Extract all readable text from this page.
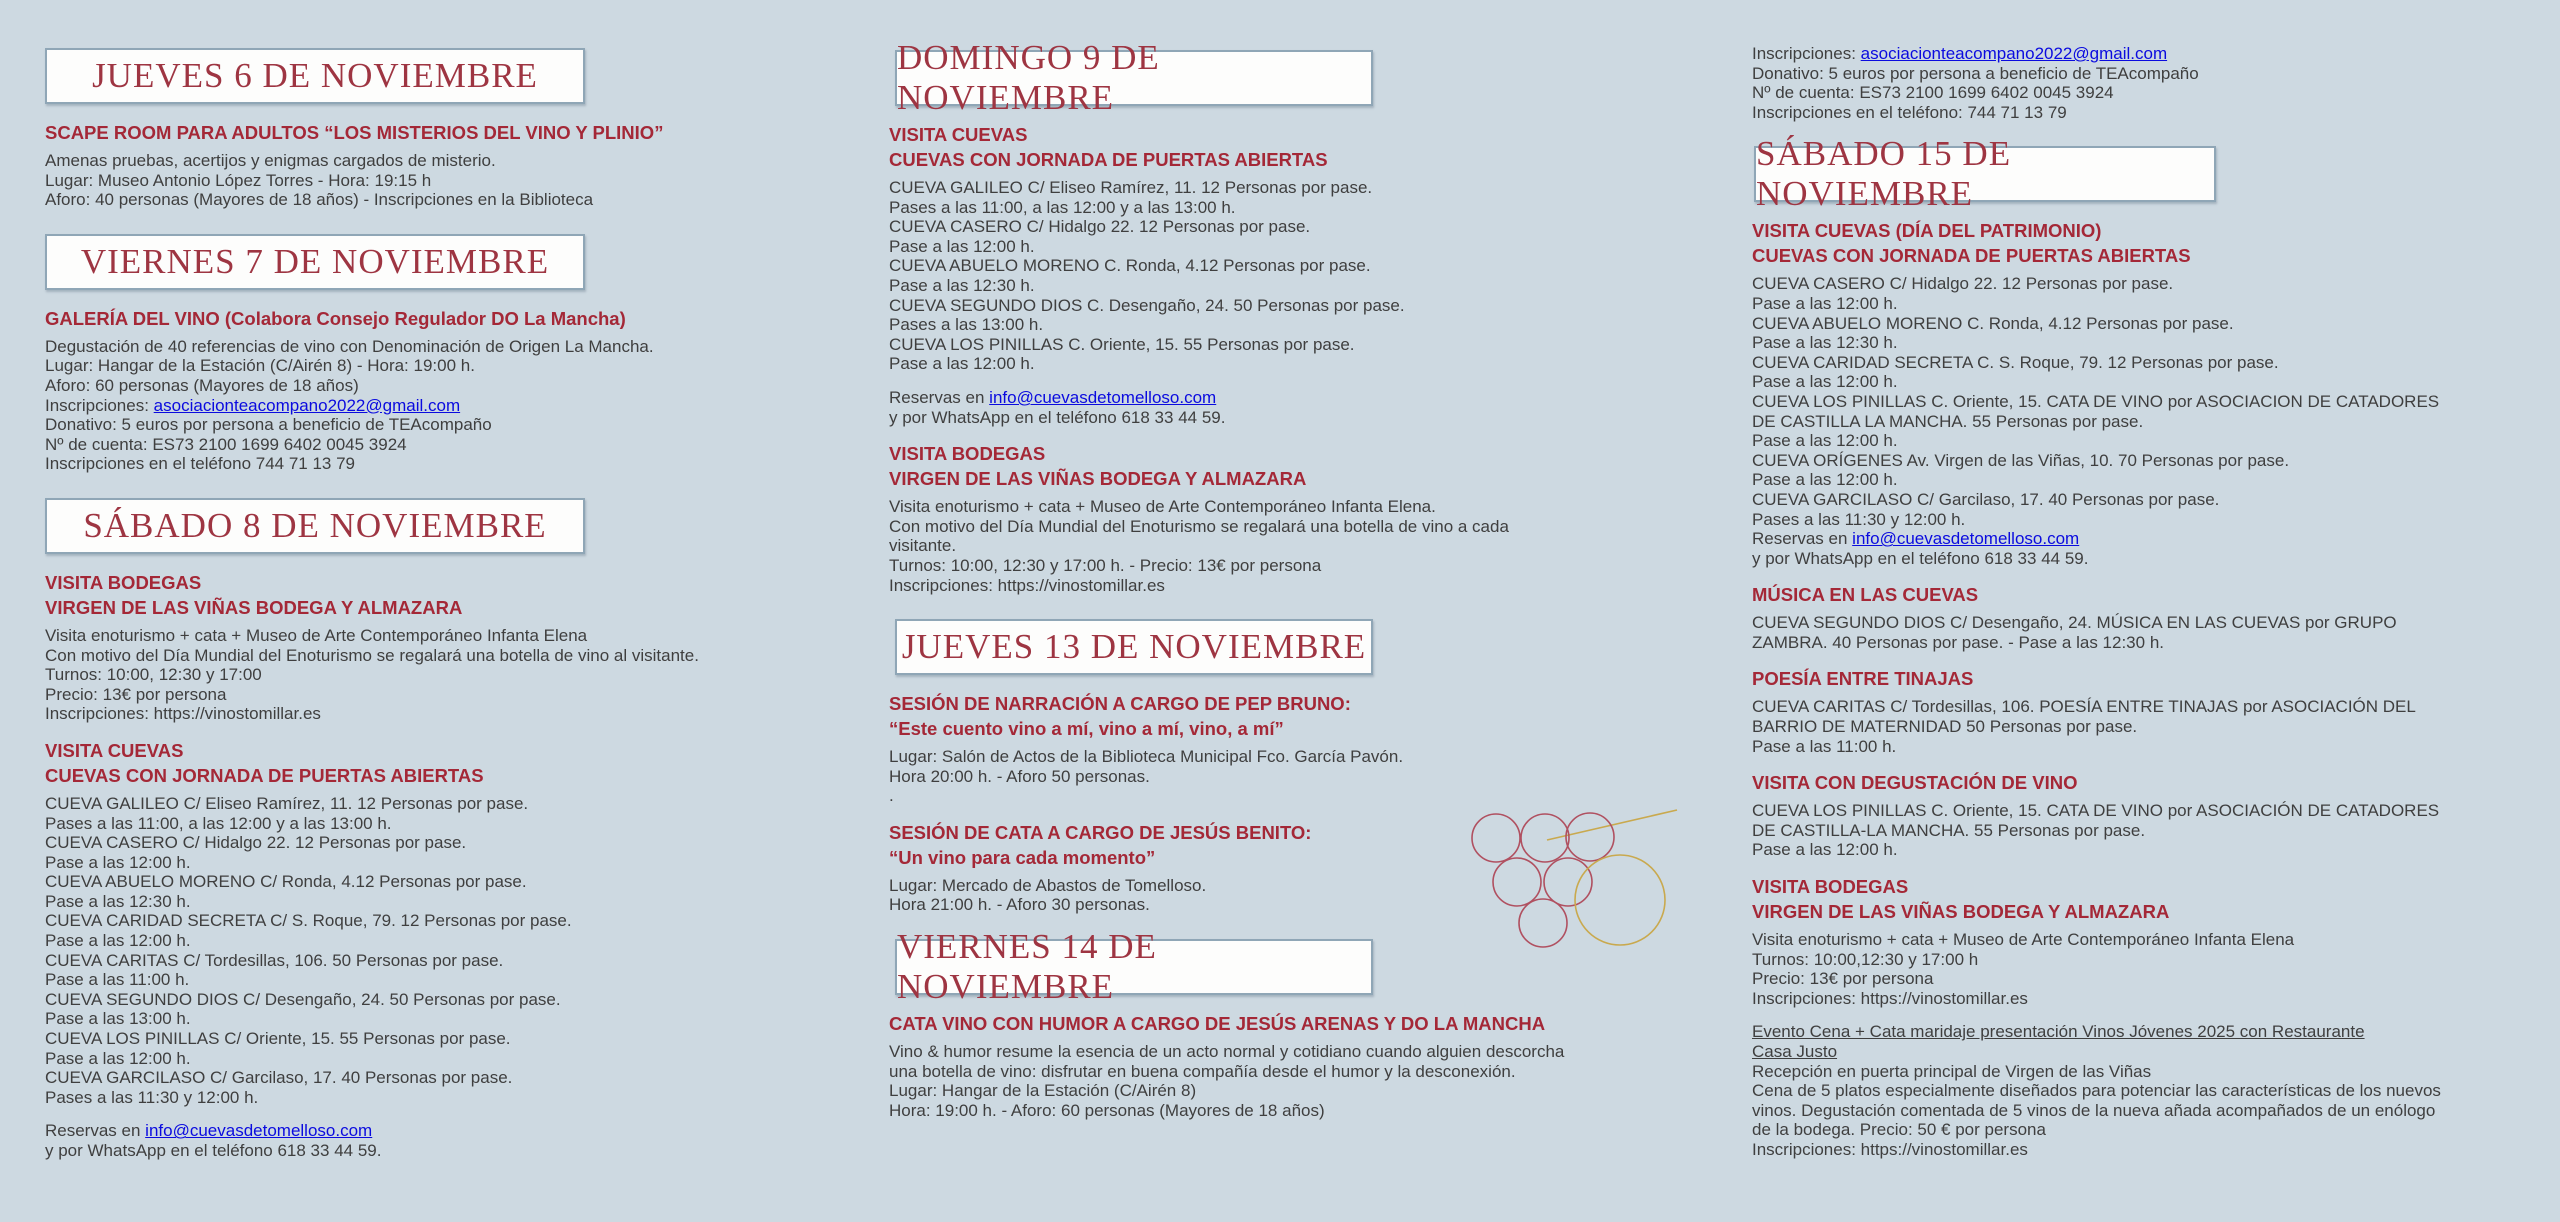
JUEVES 6 DE NOVIEMBRE
SCAPE ROOM PARA ADULTOS “LOS MISTERIOS DEL VINO Y PLINIO”
Amenas pruebas, acertijos y enigmas cargados de misterio.
Lugar: Museo Antonio López Torres - Hora: 19:15 h
Aforo: 40 personas (Mayores de 18 años) - Inscripciones en la Biblioteca
VIERNES 7 DE NOVIEMBRE
GALERÍA DEL VINO (Colabora Consejo Regulador DO La Mancha)
Degustación de 40 referencias de vino con Denominación de Origen La Mancha.
Lugar: Hangar de la Estación (C/Airén 8) - Hora: 19:00 h.
Aforo: 60 personas (Mayores de 18 años)
Inscripciones: asociacionteacompano2022@gmail.com
Donativo: 5 euros por persona a beneficio de TEAcompaño
Nº de cuenta: ES73 2100 1699 6402 0045 3924
Inscripciones en el teléfono 744 71 13 79
SÁBADO 8 DE NOVIEMBRE
VISITA BODEGAS
VIRGEN DE LAS VIÑAS BODEGA Y ALMAZARA
Visita enoturismo + cata + Museo de Arte Contemporáneo Infanta Elena
Con motivo del Día Mundial del Enoturismo se regalará una botella de vino al visitante.
Turnos: 10:00, 12:30 y 17:00
Precio: 13€ por persona
Inscripciones: https://vinostomillar.es
VISITA CUEVAS
CUEVAS CON JORNADA DE PUERTAS ABIERTAS
CUEVA GALILEO C/ Eliseo Ramírez, 11. 12 Personas por pase.
Pases a las 11:00, a las 12:00 y a las 13:00 h.
CUEVA CASERO C/ Hidalgo 22. 12 Personas por pase.
Pase a las 12:00 h.
CUEVA ABUELO MORENO C/ Ronda, 4.12 Personas por pase.
Pase a las 12:30 h.
CUEVA CARIDAD SECRETA C/ S. Roque, 79. 12 Personas por pase.
Pase a las 12:00 h.
CUEVA CARITAS C/ Tordesillas, 106. 50 Personas por pase.
Pase a las 11:00 h.
CUEVA SEGUNDO DIOS C/ Desengaño, 24. 50 Personas por pase.
Pase a las 13:00 h.
CUEVA LOS PINILLAS C/ Oriente, 15. 55 Personas por pase.
Pase a las 12:00 h.
CUEVA GARCILASO C/ Garcilaso, 17. 40 Personas por pase.
Pases a las 11:30 y 12:00 h.
Reservas en info@cuevasdetomelloso.com
y por WhatsApp en el teléfono 618 33 44 59.
DOMINGO 9 DE NOVIEMBRE
VISITA CUEVAS
CUEVAS CON JORNADA DE PUERTAS ABIERTAS
CUEVA GALILEO C/ Eliseo Ramírez, 11. 12 Personas por pase.
Pases a las 11:00, a las 12:00 y a las 13:00 h.
CUEVA CASERO C/ Hidalgo 22. 12 Personas por pase.
Pase a las 12:00 h.
CUEVA ABUELO MORENO C. Ronda, 4.12 Personas por pase.
Pase a las 12:30 h.
CUEVA SEGUNDO DIOS C. Desengaño, 24. 50 Personas por pase.
Pases a las 13:00 h.
CUEVA LOS PINILLAS C. Oriente, 15. 55 Personas por pase.
Pase a las 12:00 h.
Reservas en info@cuevasdetomelloso.com
y por WhatsApp en el teléfono 618 33 44 59.
VISITA BODEGAS
VIRGEN DE LAS VIÑAS BODEGA Y ALMAZARA
Visita enoturismo + cata + Museo de Arte Contemporáneo Infanta Elena.
Con motivo del Día Mundial del Enoturismo se regalará una botella de vino a cada
visitante.
Turnos: 10:00, 12:30 y 17:00 h. - Precio: 13€ por persona
Inscripciones: https://vinostomillar.es
JUEVES 13 DE NOVIEMBRE
SESIÓN DE NARRACIÓN A CARGO DE PEP BRUNO:
“Este cuento vino a mí, vino a mí, vino, a mí”
Lugar: Salón de Actos de la Biblioteca Municipal Fco. García Pavón.
Hora 20:00 h. - Aforo 50 personas.
.
SESIÓN DE CATA A CARGO DE JESÚS BENITO:
“Un vino para cada momento”
Lugar: Mercado de Abastos de Tomelloso.
Hora 21:00 h. - Aforo 30 personas.
VIERNES 14 DE NOVIEMBRE
CATA VINO CON HUMOR A CARGO DE JESÚS ARENAS Y DO LA MANCHA
Vino & humor resume la esencia de un acto normal y cotidiano cuando alguien descorcha
una botella de vino: disfrutar en buena compañía desde el humor y la desconexión.
Lugar: Hangar de la Estación (C/Airén 8)
Hora: 19:00 h. - Aforo: 60 personas (Mayores de 18 años)
Inscripciones: asociacionteacompano2022@gmail.com
Donativo: 5 euros por persona a beneficio de TEAcompaño
Nº de cuenta: ES73 2100 1699 6402 0045 3924
Inscripciones en el teléfono: 744 71 13 79
SÁBADO 15 DE NOVIEMBRE
VISITA CUEVAS (DÍA DEL PATRIMONIO)
CUEVAS CON JORNADA DE PUERTAS ABIERTAS
CUEVA CASERO C/ Hidalgo 22. 12 Personas por pase.
Pase a las 12:00 h.
CUEVA ABUELO MORENO C. Ronda, 4.12 Personas por pase.
Pase a las 12:30 h.
CUEVA CARIDAD SECRETA C. S. Roque, 79. 12 Personas por pase.
Pase a las 12:00 h.
CUEVA LOS PINILLAS C. Oriente, 15. CATA DE VINO por ASOCIACION DE CATADORES
DE CASTILLA LA MANCHA. 55 Personas por pase.
Pase a las 12:00 h.
CUEVA ORÍGENES Av. Virgen de las Viñas, 10. 70 Personas por pase.
Pase a las 12:00 h.
CUEVA GARCILASO C/ Garcilaso, 17. 40 Personas por pase.
Pases a las 11:30 y 12:00 h.
Reservas en info@cuevasdetomelloso.com
y por WhatsApp en el teléfono 618 33 44 59.
MÚSICA EN LAS CUEVAS
CUEVA SEGUNDO DIOS C/ Desengaño, 24. MÚSICA EN LAS CUEVAS por GRUPO
ZAMBRA. 40 Personas por pase. - Pase a las 12:30 h.
POESÍA ENTRE TINAJAS
CUEVA CARITAS C/ Tordesillas, 106. POESÍA ENTRE TINAJAS por ASOCIACIÓN DEL
BARRIO DE MATERNIDAD 50 Personas por pase.
Pase a las 11:00 h.
VISITA CON DEGUSTACIÓN DE VINO
CUEVA LOS PINILLAS C. Oriente, 15. CATA DE VINO por ASOCIACIÓN DE CATADORES
DE CASTILLA-LA MANCHA. 55 Personas por pase.
Pase a las 12:00 h.
VISITA BODEGAS
VIRGEN DE LAS VIÑAS BODEGA Y ALMAZARA
Visita enoturismo + cata + Museo de Arte Contemporáneo Infanta Elena
Turnos: 10:00,12:30 y 17:00 h
Precio: 13€ por persona
Inscripciones: https://vinostomillar.es
Evento Cena + Cata maridaje presentación Vinos Jóvenes 2025 con Restaurante
Casa Justo
Recepción en puerta principal de Virgen de las Viñas
Cena de 5 platos especialmente diseñados para potenciar las características de los nuevos
vinos. Degustación comentada de 5 vinos de la nueva añada acompañados de un enólogo
de la bodega. Precio: 50 € por persona
Inscripciones: https://vinostomillar.es
